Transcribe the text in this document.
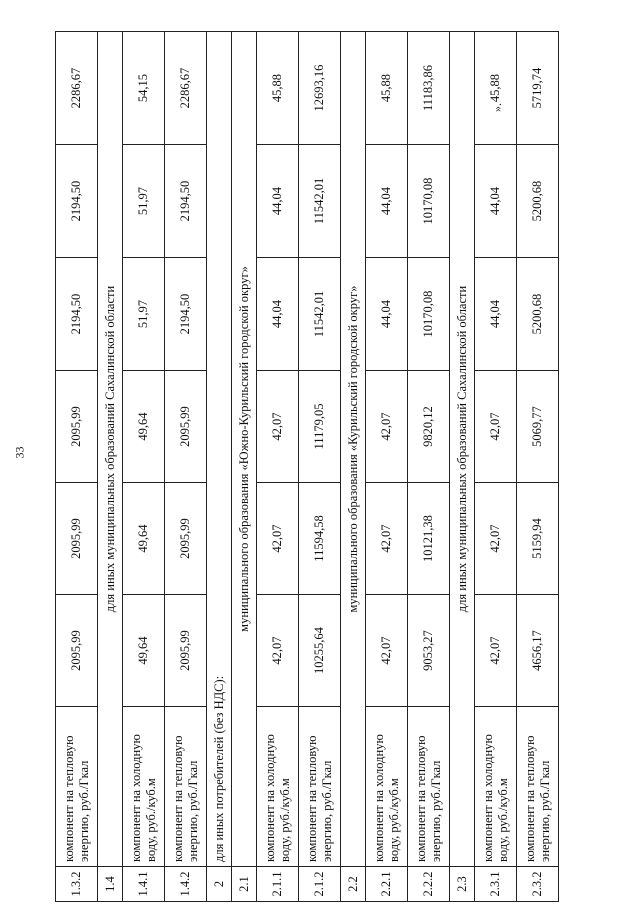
33
».
1.3.2	компонент на тепловую энергию, руб./Гкал	2095,99	2095,99	2095,99	2194,50	2194,50	2286,67
1.4	для иных муниципальных образований Сахалинской области						
1.4.1	компонент на холодную воду, руб./куб.м	49,64	49,64	49,64	51,97	51,97	54,15
1.4.2	компонент на тепловую энергию, руб./Гкал	2095,99	2095,99	2095,99	2194,50	2194,50	2286,67
2	для иных потребителей (без НДС):						
2.1	муниципального образования «Южно-Курильский городской округ»						
2.1.1	компонент на холодную воду, руб./куб.м	42,07	42,07	42,07	44,04	44,04	45,88
2.1.2	компонент на тепловую энергию, руб./Гкал	10255,64	11594,58	11179,05	11542,01	11542,01	12693,16
2.2	муниципального образования «Курильский городской округ»						
2.2.1	компонент на холодную воду, руб./куб.м	42,07	42,07	42,07	44,04	44,04	45,88
2.2.2	компонент на тепловую энергию, руб./Гкал	9053,27	10121,38	9820,12	10170,08	10170,08	11183,86
2.3	для иных муниципальных образований Сахалинской области						
2.3.1	компонент на холодную воду, руб./куб.м	42,07	42,07	42,07	44,04	44,04	45,88
2.3.2	компонент на тепловую энергию, руб./Гкал	4656,17	5159,94	5069,77	5200,68	5200,68	5719,74
